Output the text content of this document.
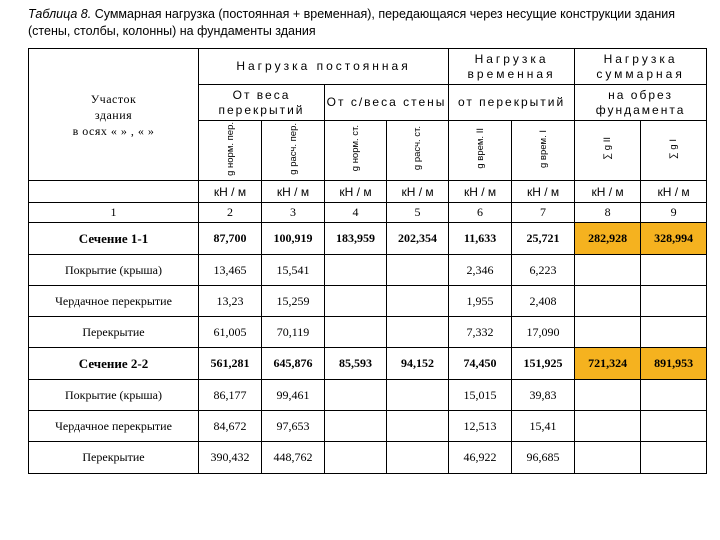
Таблица 8. Суммарная нагрузка (постоянная + временная), передающаяся через несущие конструкции здания (стены, столбы, колонны) на фундаменты здания
Участок
здания
в осях « » , « »	Нагрузка постоянная				Нагрузка временная		Нагрузка суммарная	
	От веса перекрытий		От с/веса стены		от перекрытий		на обрез фундамента	
	g норм. пер.	g расч. пер.	g норм. ст.	g расч. ст.	g врем. II	g врем. I	∑ g II	∑ g I
	кН / м	кН / м	кН / м	кН / м	кН / м	кН / м	кН / м	кН / м
1	2	3	4	5	6	7	8	9
Сечение 1-1	87,700	100,919	183,959	202,354	11,633	25,721	282,928	328,994
Покрытие (крыша)	13,465	15,541			2,346	6,223		
Чердачное перекрытие	13,23	15,259			1,955	2,408		
Перекрытие	61,005	70,119			7,332	17,090		
Сечение 2-2	561,281	645,876	85,593	94,152	74,450	151,925	721,324	891,953
Покрытие (крыша)	86,177	99,461			15,015	39,83		
Чердачное перекрытие	84,672	97,653			12,513	15,41		
Перекрытие	390,432	448,762			46,922	96,685		
